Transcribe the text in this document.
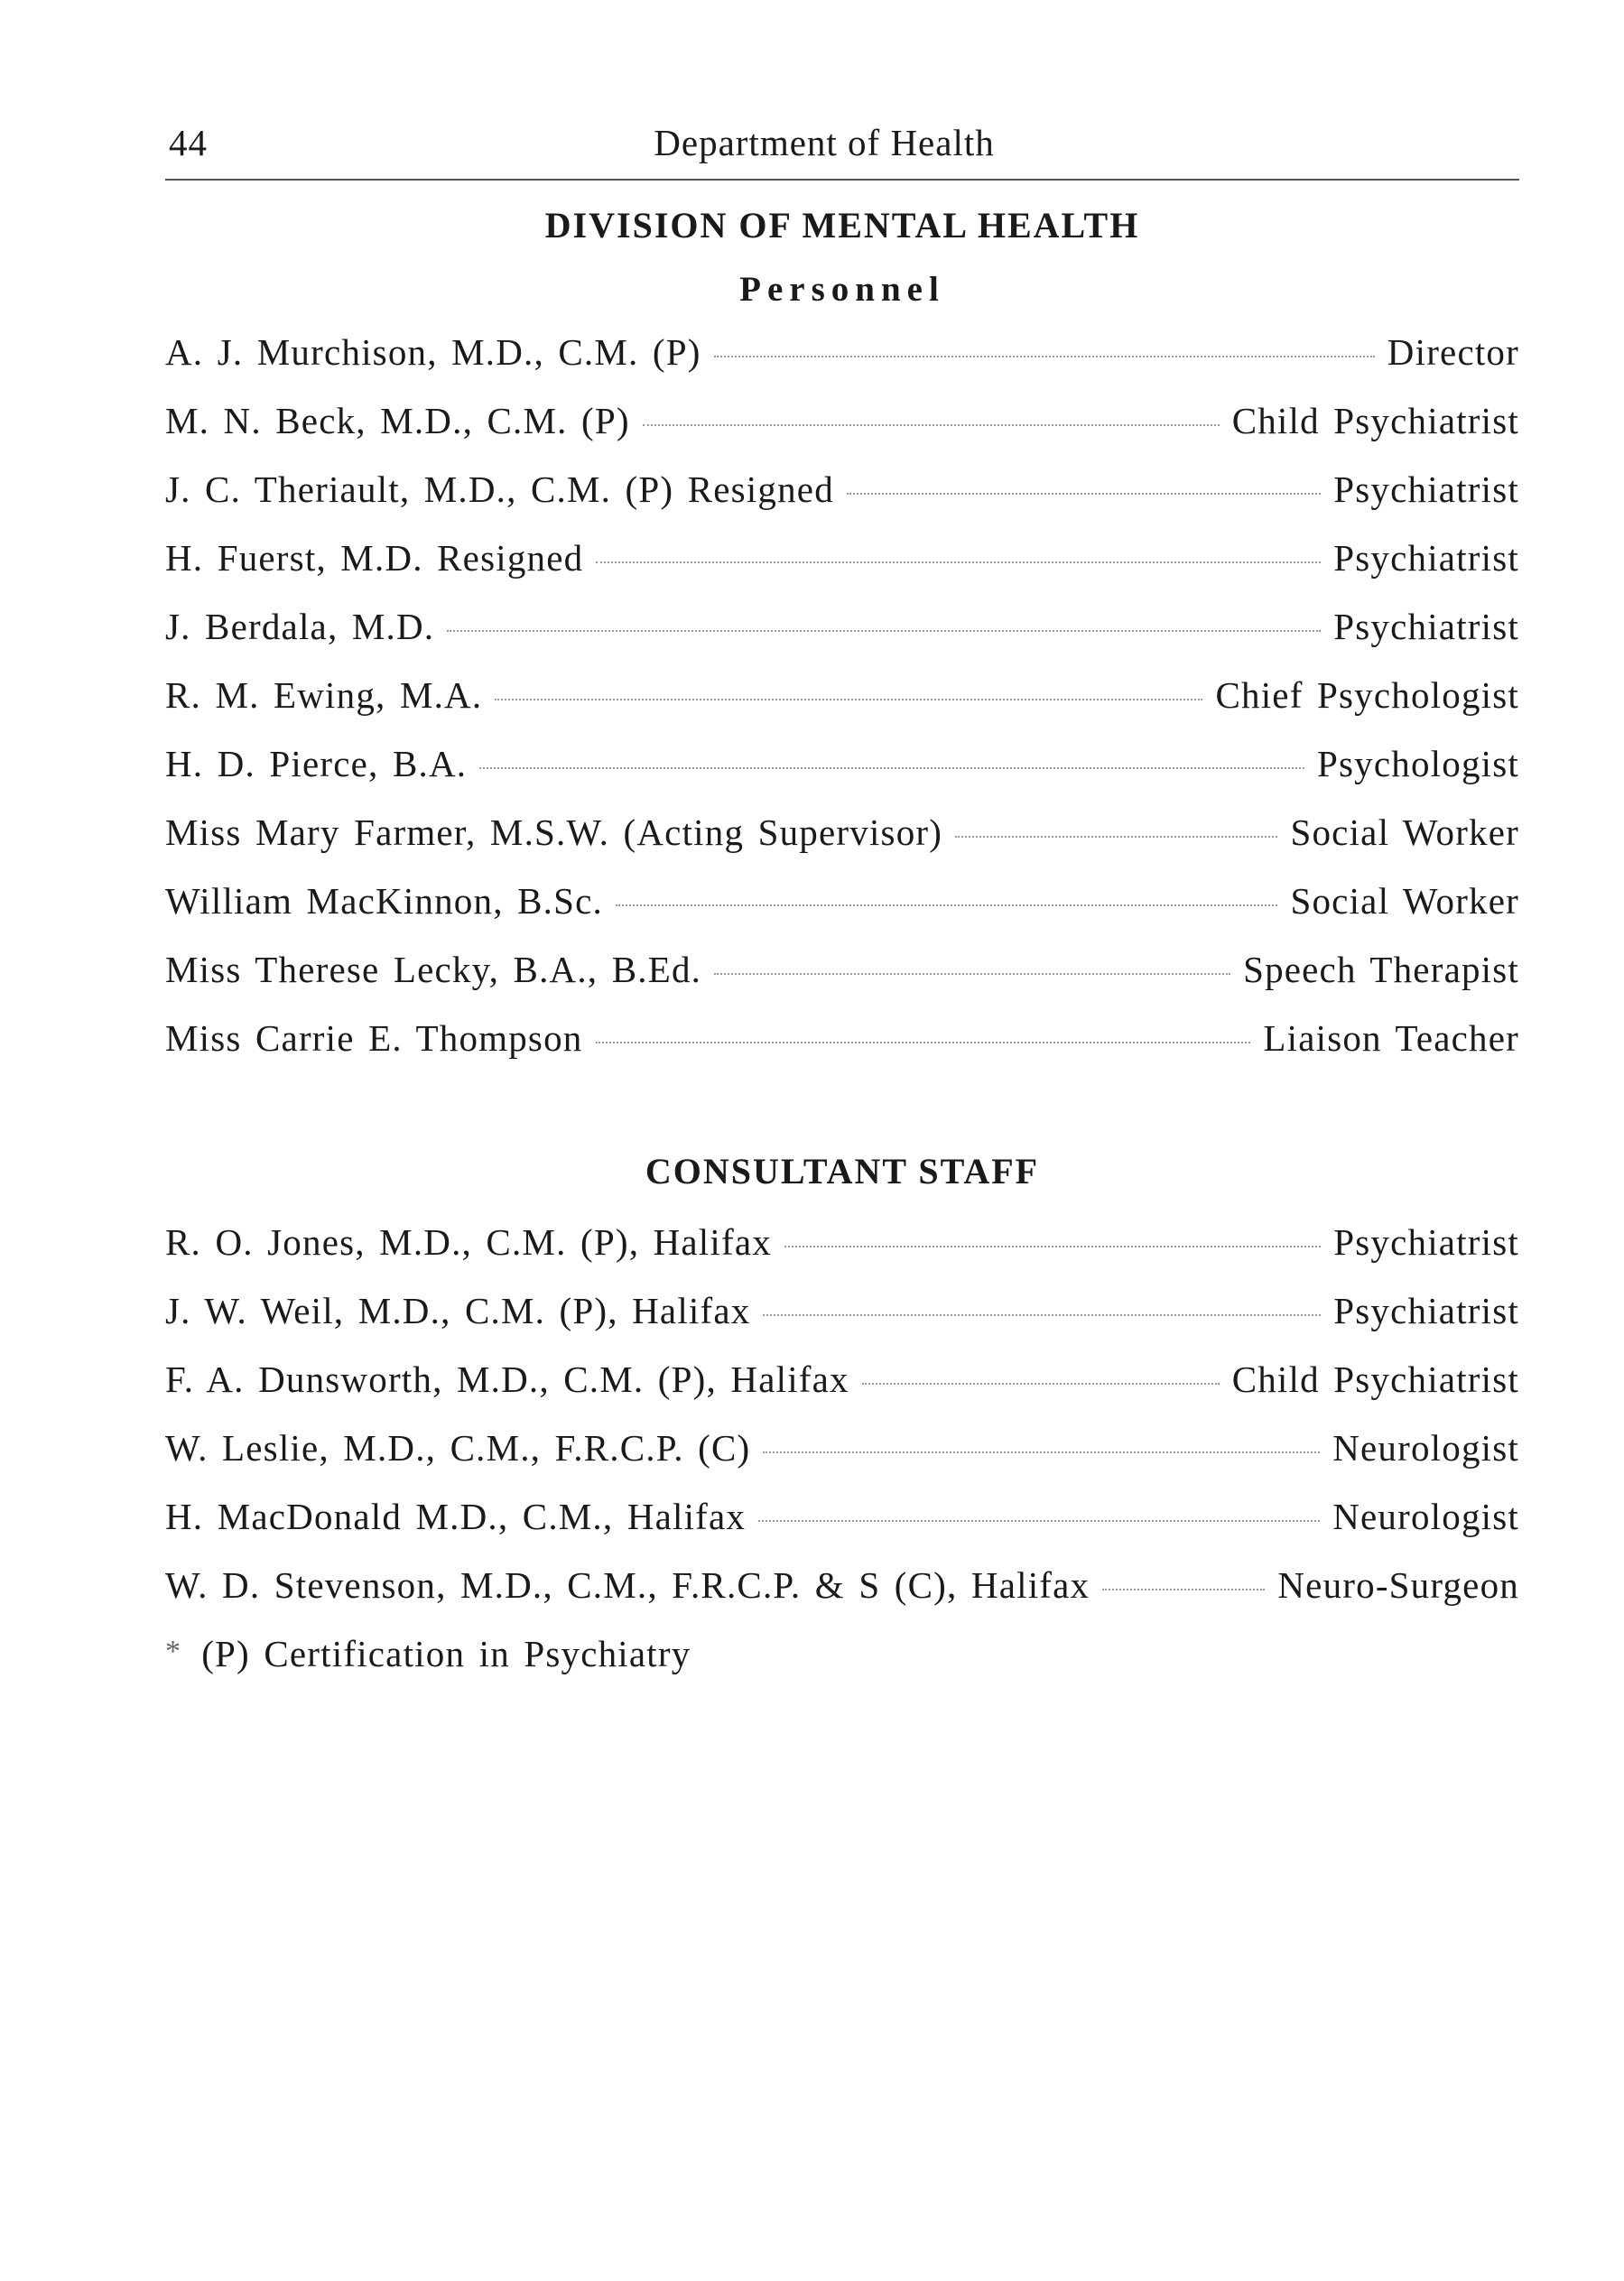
44	Department of Health
DIVISION OF MENTAL HEALTH
Personnel
A. J. Murchison, M.D., C.M. (P)	Director
M. N. Beck, M.D., C.M. (P)	Child Psychiatrist
J. C. Theriault, M.D., C.M. (P) Resigned	Psychiatrist
H. Fuerst, M.D. Resigned	Psychiatrist
J. Berdala, M.D.	Psychiatrist
R. M. Ewing, M.A.	Chief Psychologist
H. D. Pierce, B.A.	Psychologist
Miss Mary Farmer, M.S.W. (Acting Supervisor)	Social Worker
William MacKinnon, B.Sc.	Social Worker
Miss Therese Lecky, B.A., B.Ed.	Speech Therapist
Miss Carrie E. Thompson	Liaison Teacher
CONSULTANT STAFF
R. O. Jones, M.D., C.M. (P), Halifax	Psychiatrist
J. W. Weil, M.D., C.M. (P), Halifax	Psychiatrist
F. A. Dunsworth, M.D., C.M. (P), Halifax	Child Psychiatrist
W. Leslie, M.D., C.M., F.R.C.P. (C)	Neurologist
H. MacDonald M.D., C.M., Halifax	Neurologist
W. D. Stevenson, M.D., C.M., F.R.C.P. & S (C), Halifax	Neuro-Surgeon
* (P) Certification in Psychiatry
